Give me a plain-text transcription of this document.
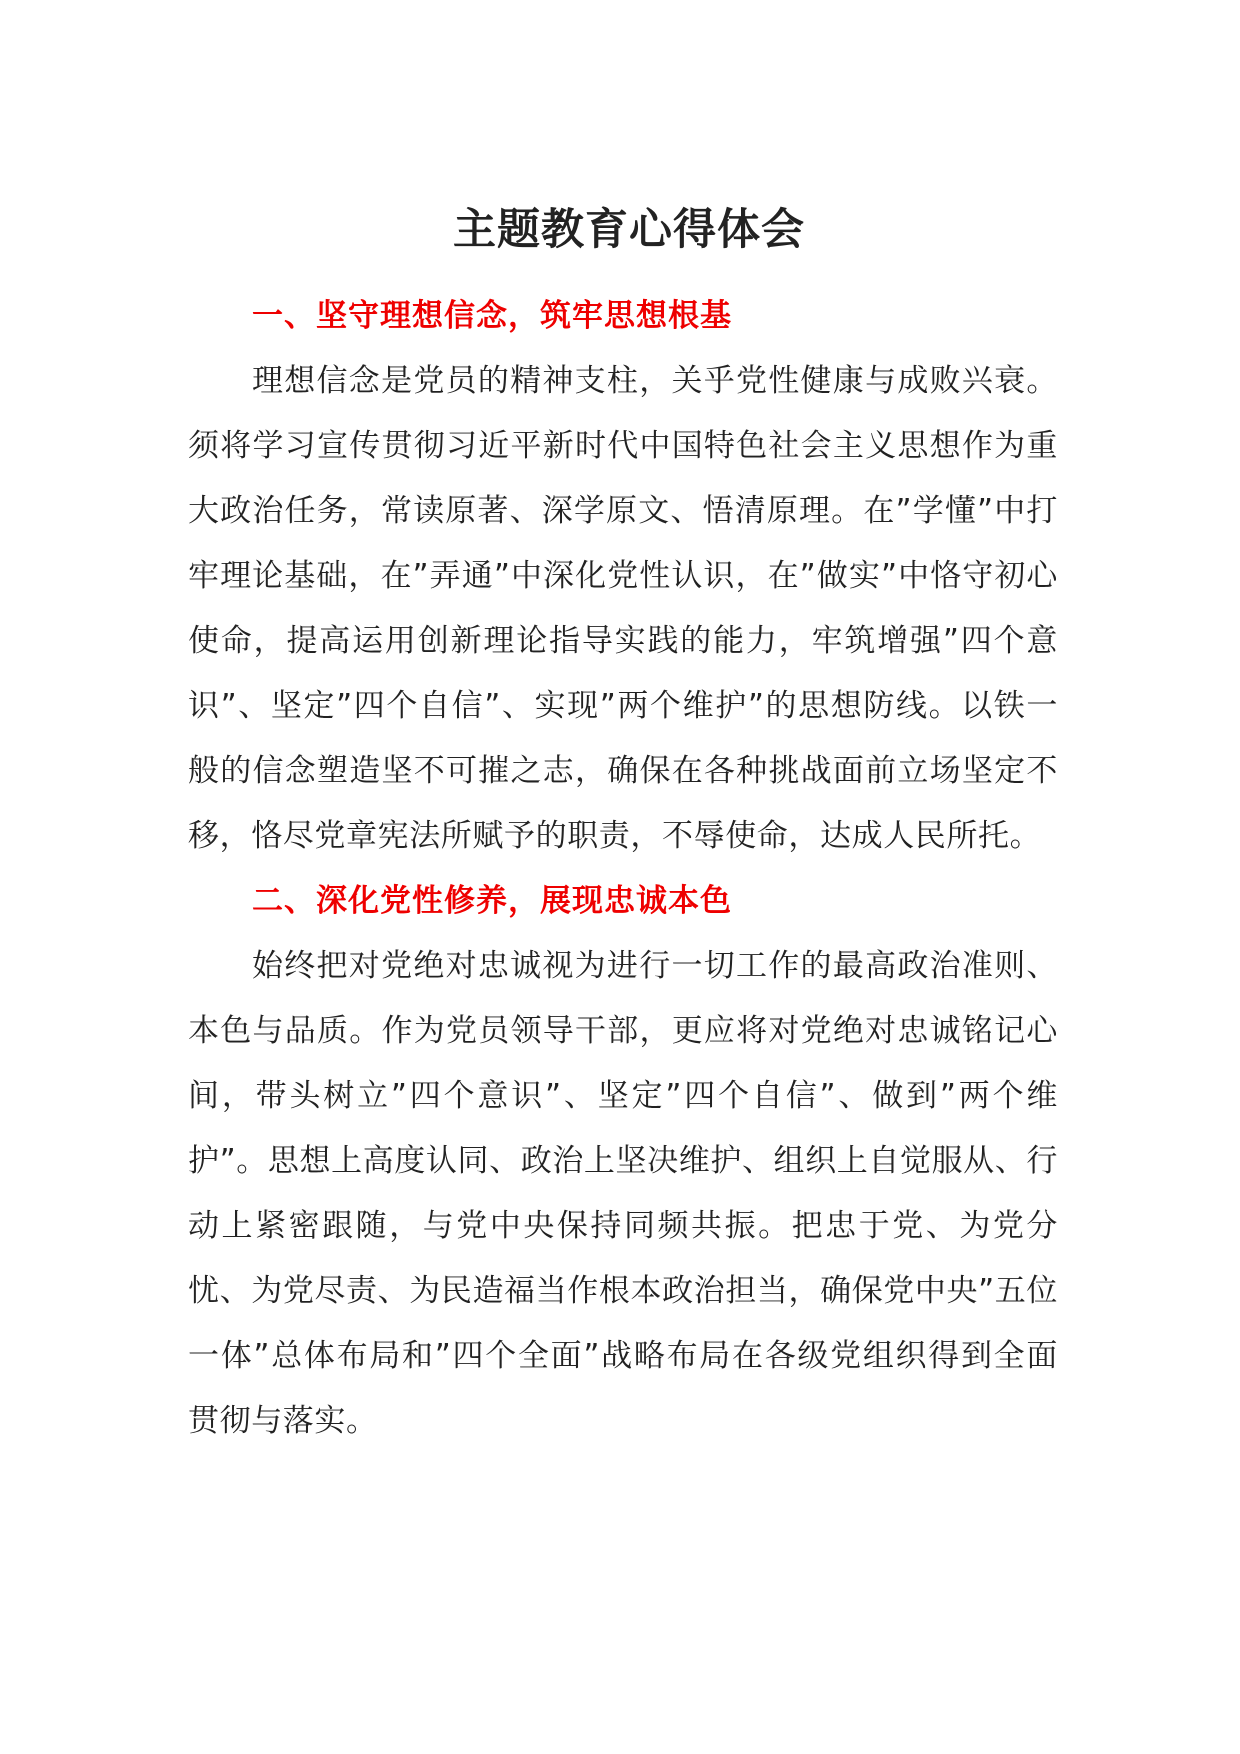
主题教育心得体会
一、坚守理想信念，筑牢思想根基

理想信念是党员的精神支柱，关乎党性健康与成败兴衰。须将学习宣传贯彻习近平新时代中国特色社会主义思想作为重大政治任务，常读原著、深学原文、悟清原理。在”学懂”中打牢理论基础，在”弄通”中深化党性认识，在”做实”中恪守初心使命，提高运用创新理论指导实践的能力，牢筑增强”四个意识”、坚定”四个自信”、实现”两个维护”的思想防线。以铁一般的信念塑造坚不可摧之志，确保在各种挑战面前立场坚定不移，恪尽党章宪法所赋予的职责，不辱使命，达成人民所托。

二、深化党性修养，展现忠诚本色

始终把对党绝对忠诚视为进行一切工作的最高政治准则、本色与品质。作为党员领导干部，更应将对党绝对忠诚铭记心间，带头树立”四个意识”、坚定”四个自信”、做到”两个维护”。思想上高度认同、政治上坚决维护、组织上自觉服从、行动上紧密跟随，与党中央保持同频共振。把忠于党、为党分忧、为党尽责、为民造福当作根本政治担当，确保党中央”五位一体”总体布局和”四个全面”战略布局在各级党组织得到全面贯彻与落实。
